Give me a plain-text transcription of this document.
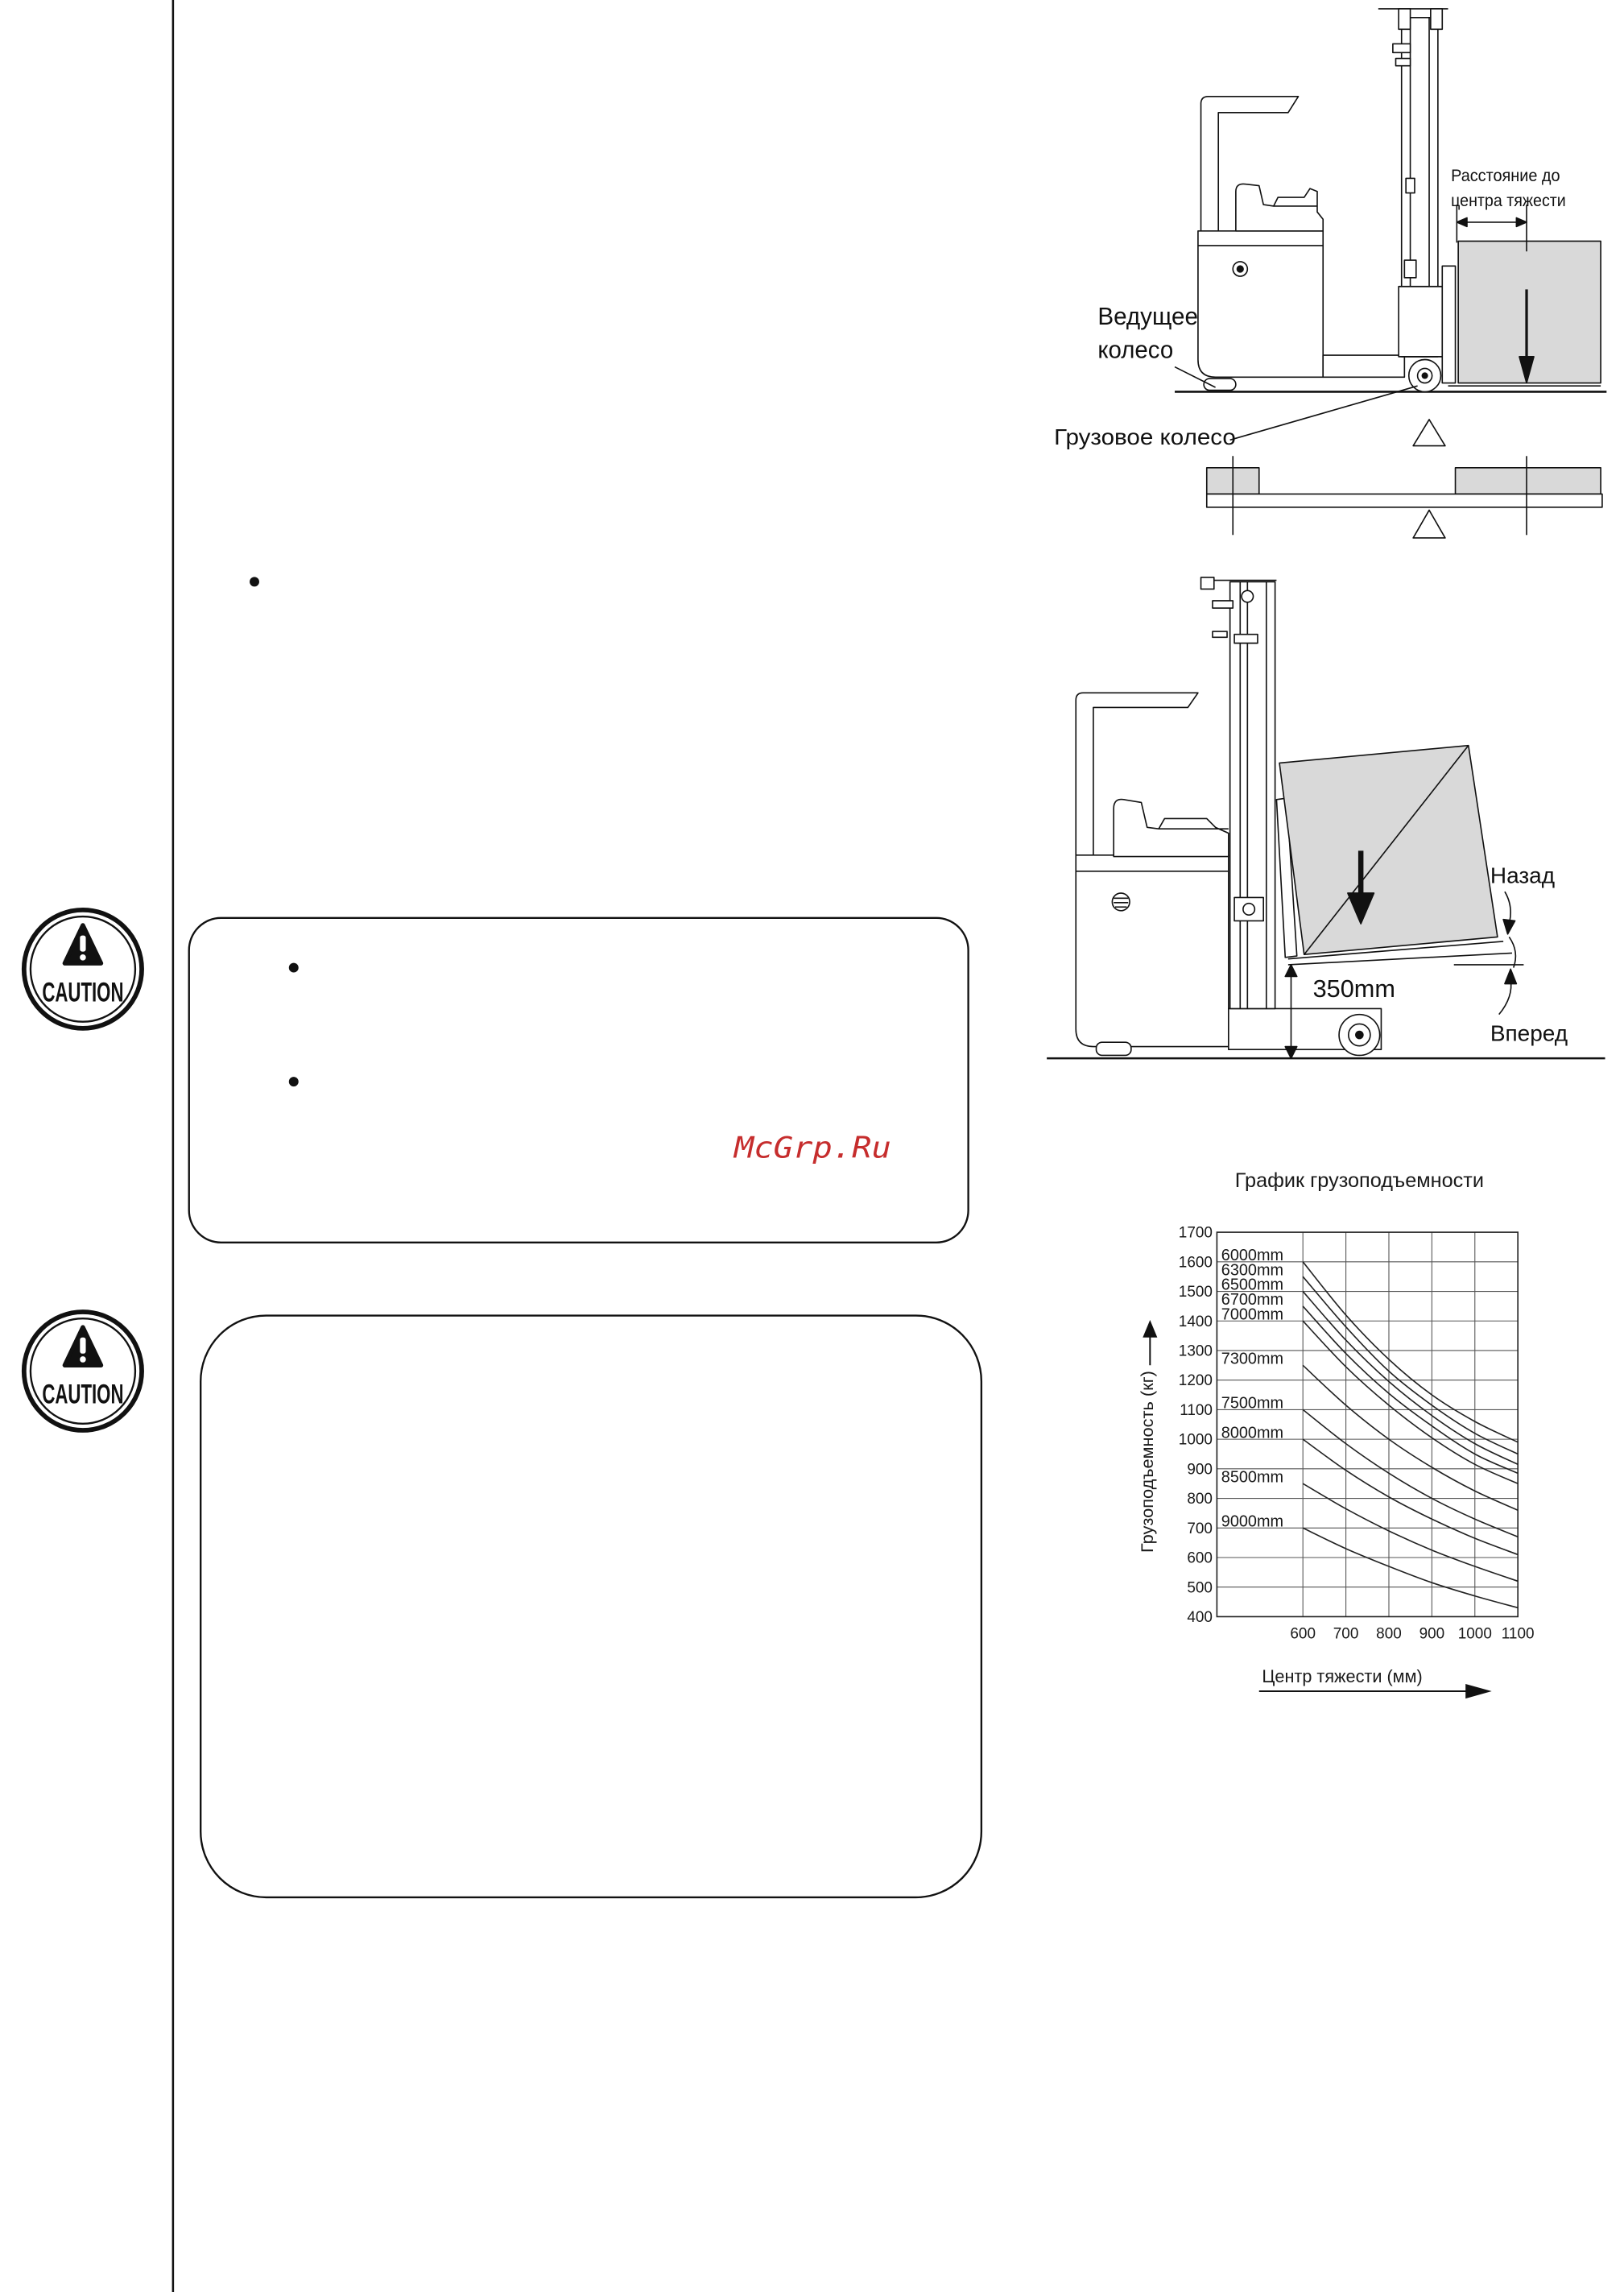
CAUTION
McGrp.Ru
CAUTION
Расстояние до
центра тяжести
Ведущее
колесо
Грузовое колесо
350mm
Назад
Вперед
График грузоподъемности
400
500
600
700
800
900
1000
1100
1200
1300
1400
1500
1600
1700
600 700 800 900 1000 1100
6000mm
6300mm
6500mm
6700mm
7000mm
7300mm
7500mm
8000mm
8500mm
9000mm
Грузоподъемность (кг)
Центр тяжести (мм)
